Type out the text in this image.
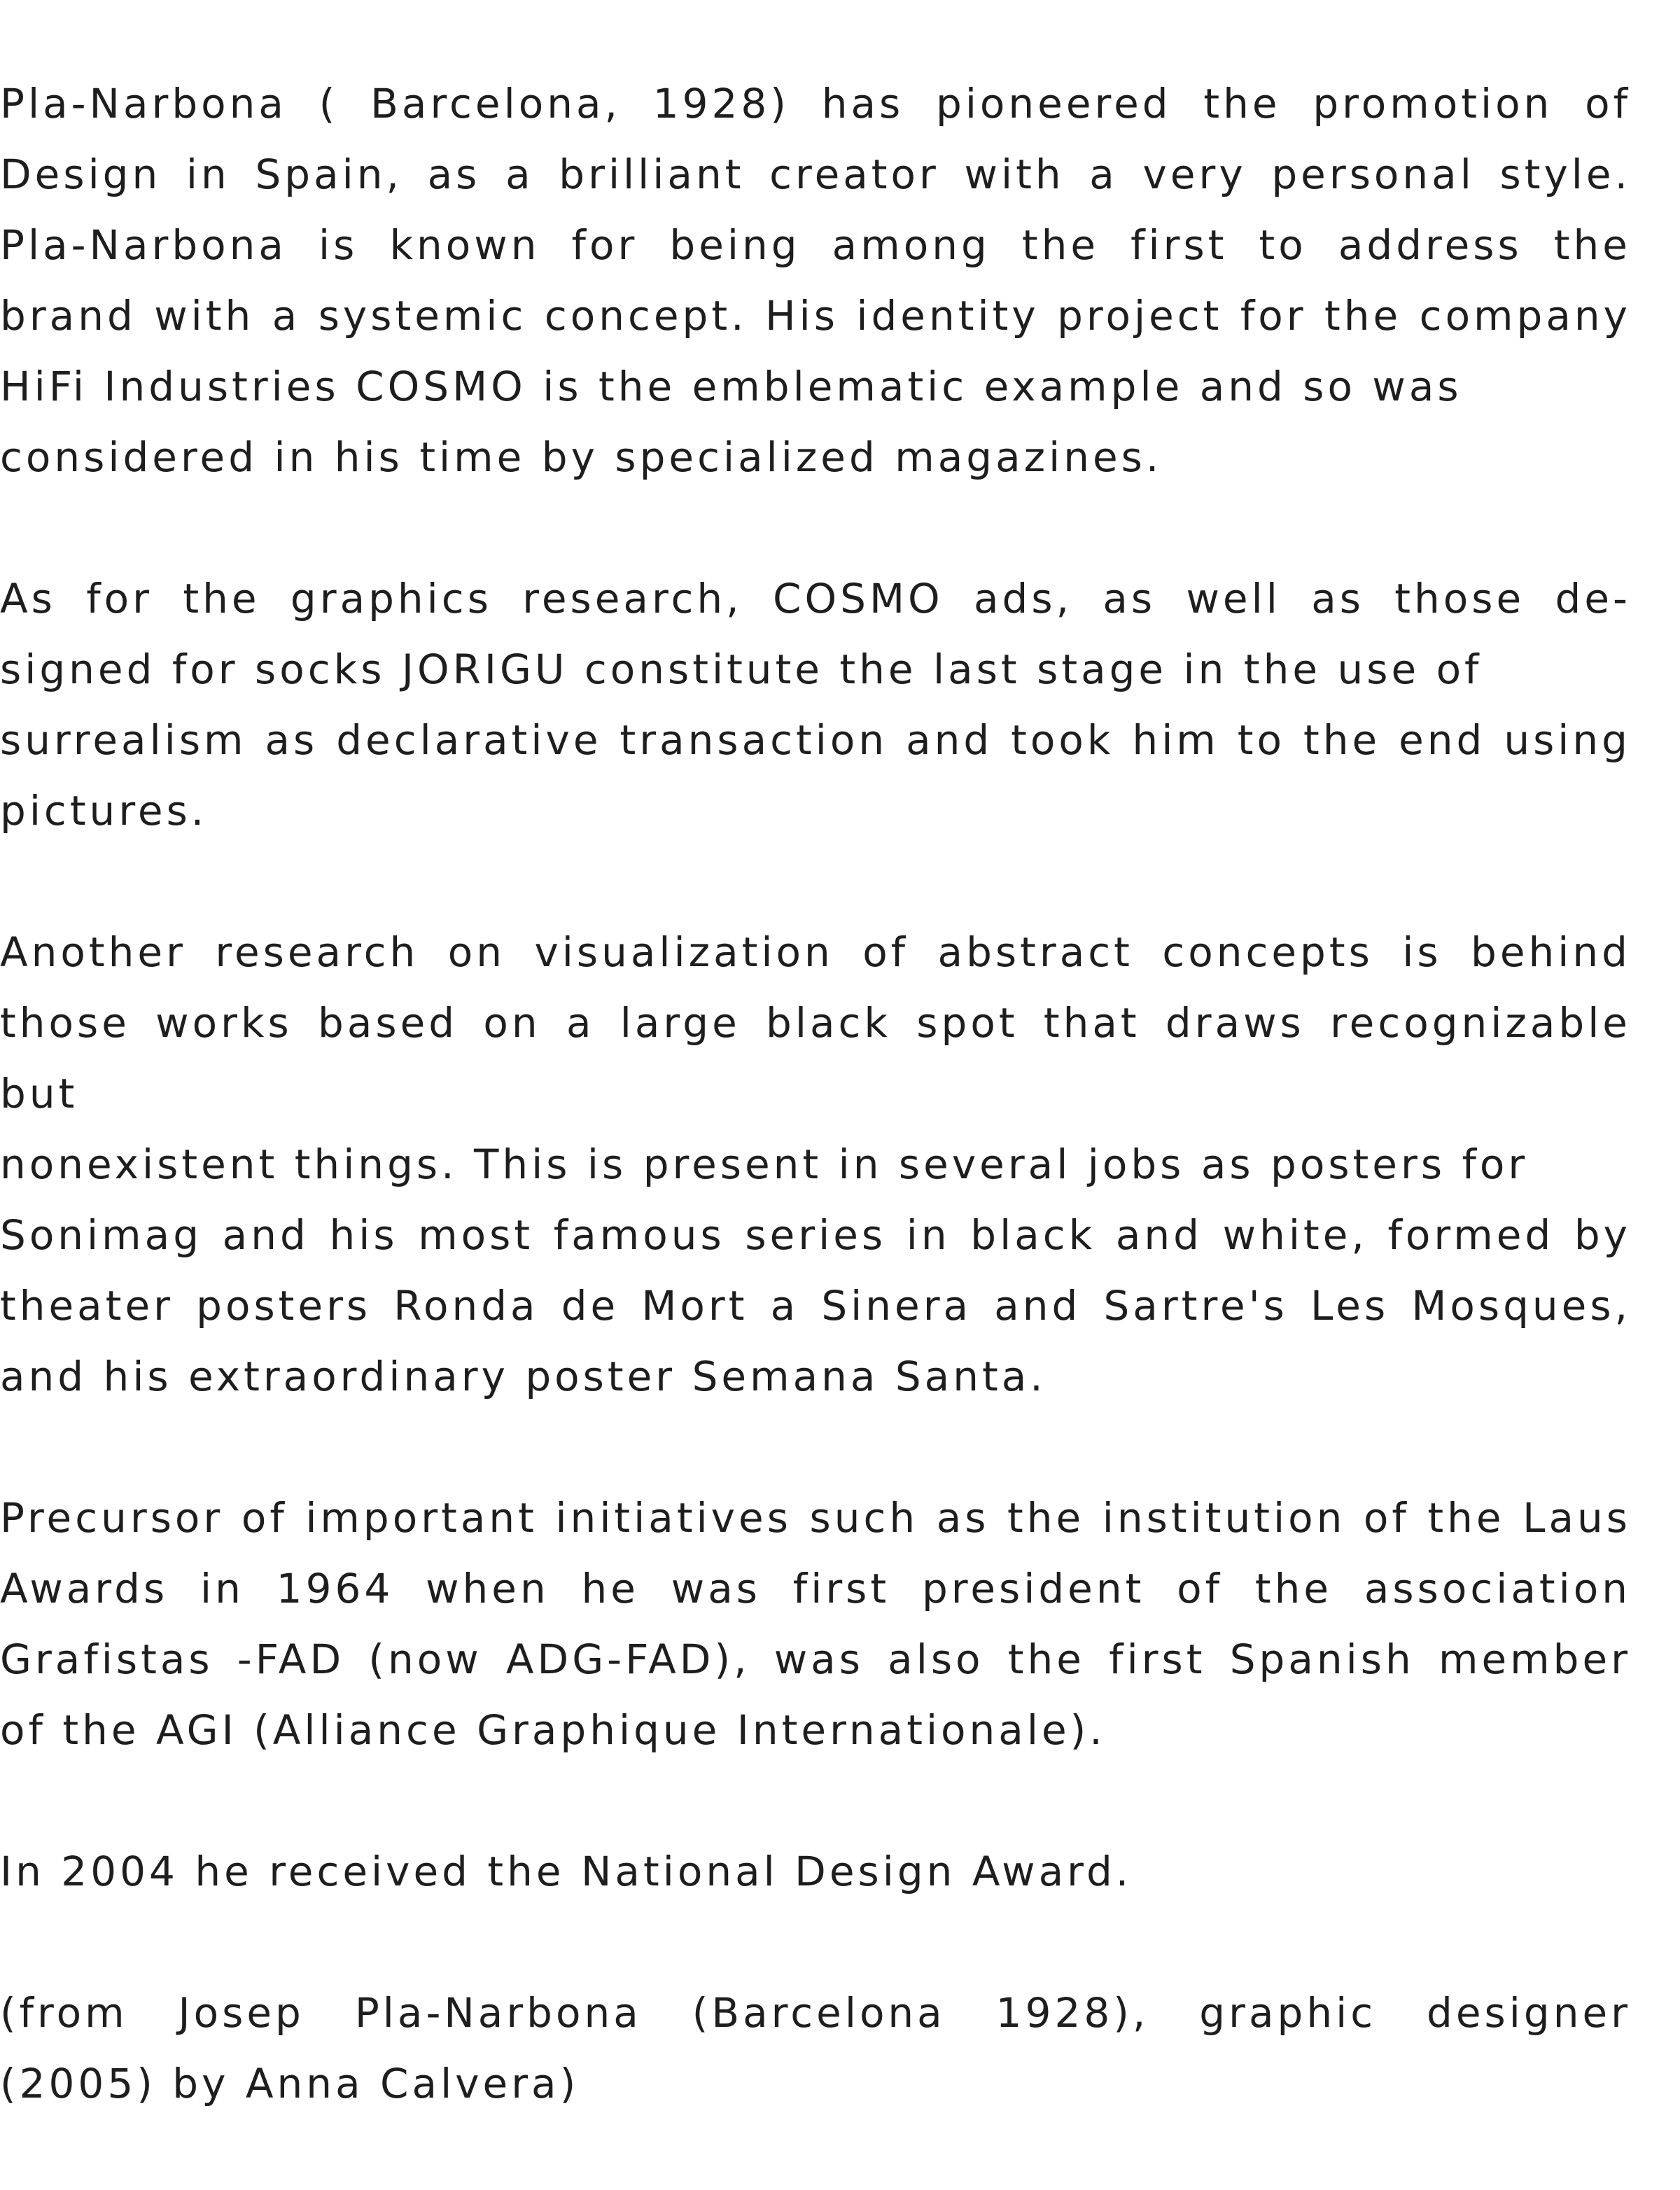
Pla-Narbona ( Barcelona, 1928) has pioneered the promotion of
Design in Spain, as a brilliant creator with a very personal style.
Pla-Narbona is known for being among the first to address the
brand with a systemic concept. His identity project for the company
HiFi Industries COSMO is the emblematic example and so was
considered in his time by specialized magazines.
As for the graphics research, COSMO ads, as well as those de-
signed for socks JORIGU constitute the last stage in the use of
surrealism as declarative transaction and took him to the end using
pictures.
Another research on visualization of abstract concepts is behind
those works based on a large black spot that draws recognizable
but
nonexistent things. This is present in several jobs as posters for
Sonimag and his most famous series in black and white, formed by
theater posters Ronda de Mort a Sinera and Sartre's Les Mosques,
and his extraordinary poster Semana Santa.
Precursor of important initiatives such as the institution of the Laus
Awards in 1964 when he was first president of the association
Grafistas -FAD (now ADG-FAD), was also the first Spanish member
of the AGI (Alliance Graphique Internationale).
In 2004 he received the National Design Award.
(from Josep Pla-Narbona (Barcelona 1928), graphic designer
(2005) by Anna Calvera)
